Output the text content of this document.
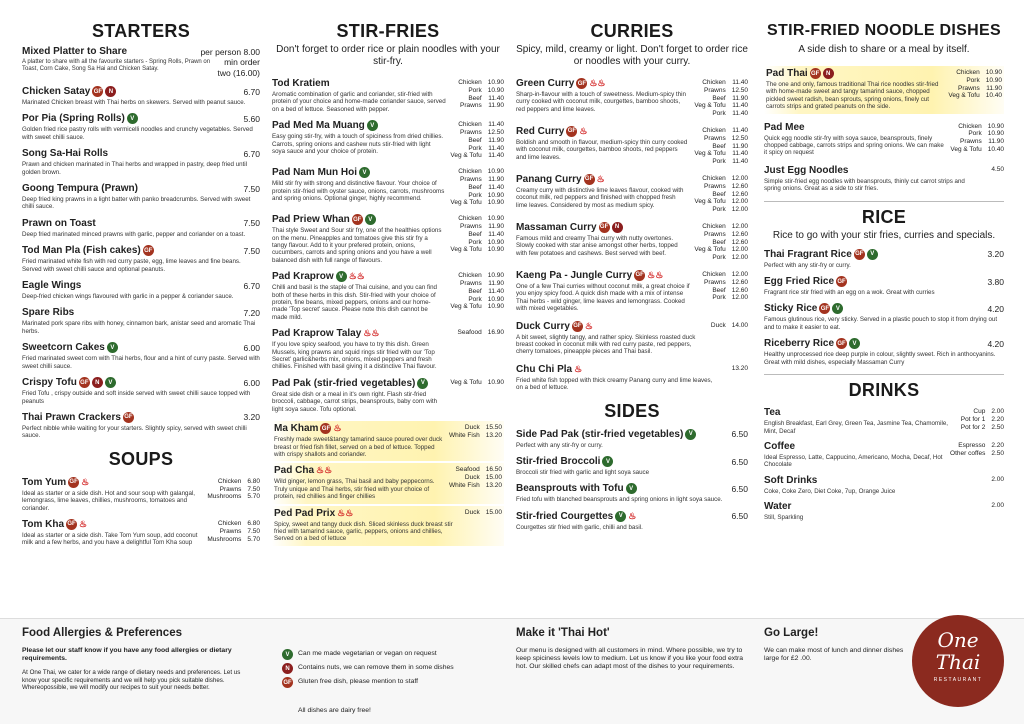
STARTERS
Mixed Platter to Share	per person 8.00
A platter to share with all the favourite starters - Spring Rolls, Prawn on Toast, Corn Cake, Song Sa Hai and Chicken Satay.
min order
two (16.00)
Chicken Satay GF	N	6.70
Marinated Chicken breast with Thai herbs on skewers. Served with peanut sauce.
Por Pia (Spring Rolls) V	5.60
Golden fried rice pastry rolls with vermicelli noodles and crunchy vegetables. Served with sweet chilli sauce.
Song Sa-Hai Rolls	6.70
Prawn and chicken marinated in Thai herbs and wrapped in pastry, deep fried until golden brown.
Goong Tempura (Prawn)	7.50
Deep fried king prawns in a light batter with panko breadcrumbs. Served with sweet chilli sauce.
Prawn on Toast	7.50
Deep fried marinated minced prawns with garlic, pepper and coriander on a toast.
Tod Man Pla (Fish cakes) GF	7.50
Fried marinated white fish with red curry paste, egg, lime leaves and fine beans. Served with sweet chilli sauce and optional peanuts.
Eagle Wings	6.70
Deep-fried chicken wings flavoured with garlic in a pepper & coriander sauce.
Spare Ribs	7.20
Marinated pork spare ribs with honey, cinnamon bark, anistar seed and aromatic Thai herbs.
Sweetcorn Cakes V	6.00
Fried marinated sweet corn with Thai herbs, flour and a hint of curry paste. Served with sweet chilli sauce.
Crispy Tofu GF	N	V	6.00
Fried Tofu , crispy outside and soft inside served with sweet chilli sauce topped with peanuts
Thai Prawn Crackers GF	3.20
Perfect nibble while waiting for your starters. Slightly spicy, served with sweet chilli sauce.
SOUPS
Tom Yum GF ♨
Ideal as starter or a side dish. Hot and sour soup with galangal, lemongrass, lime leaves, chillies, mushrooms, tomatoes and coriander.
Chicken 6.80
Prawns 7.50
Mushrooms 5.70
Tom Kha GF ♨
Ideal as starter or a side dish. Take Tom Yum soup, add coconut milk and a few herbs, and you have a delightful Tom Kha soup
Chicken 6.80
Prawns 7.50
Mushrooms 5.70
STIR-FRIES
Don't forget to order rice or plain noodles with your stir-fry.
Tod Kratiem
Aromatic combination of garlic and coriander, stir-fried with protein of your choice and home-made coriander sauce, served on a bed of lettuce. Seasoned with pepper.
Chicken 10.90
Pork 10.90
Beef 11.40
Prawns 11.90
Pad Med Ma Muang V
Easy going stir-fry, with a touch of spiciness from dried chillies. Carrots, spring onions and cashew nuts stir-fried with light soya sauce and your choice of protein.
Chicken 11.40
Prawns 12.50
Beef 11.90
Pork 11.40
Veg & Tofu 11.40
Pad Nam Mun Hoi V
Mild stir fry with strong and distinctive flavour. Your choice of protein stir-fried with oyster sauce, onions, carrots, mushrooms and spring onions. Optional ginger, highly recommend.
Chicken 10.90
Prawns 11.90
Beef 11.40
Pork 10.90
Veg & Tofu 10.90
Pad Priew Whan GF	V
Thai style Sweet and Sour stir fry, one of the healthies options on the menu. Pineapples and tomatoes give this stir fry a tangy flavour. Add to it your prefered protein, onions, cucumbers, carrots and spring onions and you have a well balanced dish with full range of flavours.
Chicken 10.90
Prawns 11.90
Beef 11.40
Pork 10.90
Veg & Tofu 10.90
Pad Kraprow V ♨♨
Chilli and basil is the staple of Thai cuisine, and you can find both of these herbs in this dish. Stir-fried with your choice of protein, fine beans, mixed peppers, onions and our home-made 'Top secret' sauce. Please note this dish cannot be made mild.
Chicken 10.90
Prawns 11.90
Beef 11.40
Pork 10.90
Veg & Tofu 10.90
Pad Kraprow Talay ♨♨
If you love spicy seafood, you have to try this dish. Green Mussels, king prawns and squid rings stir fried with our 'Top Secret' garlic&herbs mix, onions, mixed peppers and fresh chillies. Finished with basil giving it a distinctive Thai flavour.
Seafood 16.90
Pad Pak (stir-fried vegetables) V
Great side dish or a meal in it's own right. Flash stir-fried broccoli, cabbage, carrot strips, beansprouts, baby corn with light soya sauce. Tofu optional.
Veg & Tofu 10.90
Ma Kham GF ♨
Freshly made sweet&tangy tamarind sauce poured over duck breast or fried fish fillet, served on a bed of lettuce. Topped with crispy shallots and coriander.
Duck 15.50
White Fish 13.20
Pad Cha ♨♨
Wild ginger, lemon grass, Thai basil and baby peppecorns. Truly unique and Thai herbs, stir fried with your choice of protein, red chillies and finger chillies
Seafood 16.50
Duck 15.00
White Fish 13.20
Ped Pad Prix ♨♨
Spicy, sweet and tangy duck dish. Sliced skinless duck breast stir fried with tamarind sauce, garlic, peppers, onions and chillies, Served on a bed of lettuce
Duck 15.00
CURRIES
Spicy, mild, creamy or light. Don't forget to order rice or noodles with your curry.
Green Curry GF ♨♨
Sharp-in-flavour with a touch of sweetness. Medium-spicy thin curry cooked with coconut milk, courgettes, bamboo shoots, red peppers and lime leaves.
Chicken 11.40
Prawns 12.50
Beef 11.90
Veg & Tofu 11.40
Pork 11.40
Red Curry GF ♨
Boldish and smooth in flavour, medium-spicy thin curry cooked with coconut milk, courgettes, bamboo shoots, red peppers and lime leaves.
Chicken 11.40
Prawns 12.50
Beef 11.90
Veg & Tofu 11.40
Pork 11.40
Panang Curry GF ♨
Creamy curry with distinctive lime leaves flavour, cooked with coconut milk, red peppers and finished with chopped fresh lime leaves. Considered by most as medium spicy.
Chicken 12.00
Prawns 12.60
Beef 12.60
Veg & Tofu 12.00
Pork 12.00
Massaman Curry GF	N
Famous mild and creamy Thai curry with nutty overtones. Slowly cooked with star anise amongst other herbs, topped with few potatoes and cashews. Best served with beef.
Chicken 12.00
Prawns 12.60
Beef 12.60
Veg & Tofu 12.00
Pork 12.00
Kaeng Pa - Jungle Curry GF ♨♨
One of a few Thai curries without coconut milk, a great choice if you enjoy spicy food. A quick dish made with a mix of intense Thai herbs - wild ginger, lime leaves and lemongrass. Cooked with mixed vegetables.
Chicken 12.00
Prawns 12.60
Beef 12.60
Pork 12.00
Duck Curry GF ♨
A bit sweet, slightly tangy, and rather spicy. Skinless roasted duck breast cooked in coconut milk with red curry paste, red peppers, cherry tomatoes, pineapple pieces and Thai basil.
Duck 14.00
Chu Chi Pla ♨
Fried white fish topped with thick creamy Panang curry and lime leaves, on a bed of lettuce.
13.20
SIDES
Side Pad Pak (stir-fried vegetables) V	6.50
Perfect with any stir-fry or curry.
Stir-fried Broccoli V	6.50
Broccoli stir fried with garlic and light soya sauce
Beansprouts with Tofu V	6.50
Fried tofu with blanched beansprouts and spring onions in light soya sauce.
Stir-fried Courgettes V ♨	6.50
Courgettes stir fried with garlic, chilli and basil.
STIR-FRIED NOODLE DISHES
A side dish to share or a meal by itself.
Pad Thai GF	N
The one and only, famous traditional Thai rice noodles stir-fried with home-made sweet and tangy tamarind sauce, chopped pickled sweet radish, bean sprouts, spring onions, finely cut carrots strips and grated peanuts on the side.
Chicken 10.90
Pork 10.90
Prawns 11.90
Veg & Tofu 10.40
Pad Mee
Quick egg noodle stir-fry with soya sauce, beansprouts, finely chopped cabbage, carrots strips and spring onions. We can make it spicy on request
Chicken 10.90
Pork 10.90
Prawns 11.90
Veg & Tofu 10.40
Just Egg Noodles
Simple stir-fried egg noodles with beansprouts, thinly cut carrot strips and spring onions. Great as a side to stir fries.
4.50
RICE
Rice to go with your stir fries, curries and specials.
Thai Fragrant Rice GF	V	3.20
Perfect with any stir-fry or curry.
Egg Fried Rice GF	3.80
Fragrant rice stir fried with an egg on a wok. Great with curries
Sticky Rice GF	V	4.20
Famous glutinous rice, very sticky. Served in a plastic pouch to stop it from drying out and to make it easier to eat.
Riceberry Rice GF	V	4.20
Healthy unprocessed rice deep purple in colour, slightly sweet. Rich in anthocyanins. Great with mild dishes, especially Massaman Curry
DRINKS
Tea
English Breakfast, Earl Grey, Green Tea, Jasmine Tea, Chamomile, Mint, Decaf
Cup 2.00
Pot for 1 2.20
Pot for 2 2.50
Coffee
Ideal Espresso, Latte, Cappucino, Americano, Mocha, Decaf, Hot Chocolate
Espresso 2.20
Other coffes 2.50
Soft Drinks
Coke, Coke Zero, Diet Coke, 7up, Orange Juice
2.00
Water
Still, Sparkling
2.00
Food Allergies & Preferences
Please let our staff know if you have any food allergies or dietary requirements.
At One Thai, we cater for a wide range of dietary needs and preferences. Let us know your specific requirements and we will help you pick suitable dishes. Whereopossible, we will modify our recipes to suit your needs better.
V	Can me made vegetarian or vegan on request
N	Contains nuts, we can remove them in some dishes
GF Gluten free dish, please mention to staff
All dishes are dairy free!
Make it 'Thai Hot'
Our menu is designed with all customers in mind. Where possible, we try to keep spiciness levels low to medium. Let us know if you like your food extra hot. Our skilled chefs can adapt most of the dishes to your requirements.
Go Large!
We can make most of lunch and dinner dishes large for £2 .00.
One
Thai
RESTAURANT
